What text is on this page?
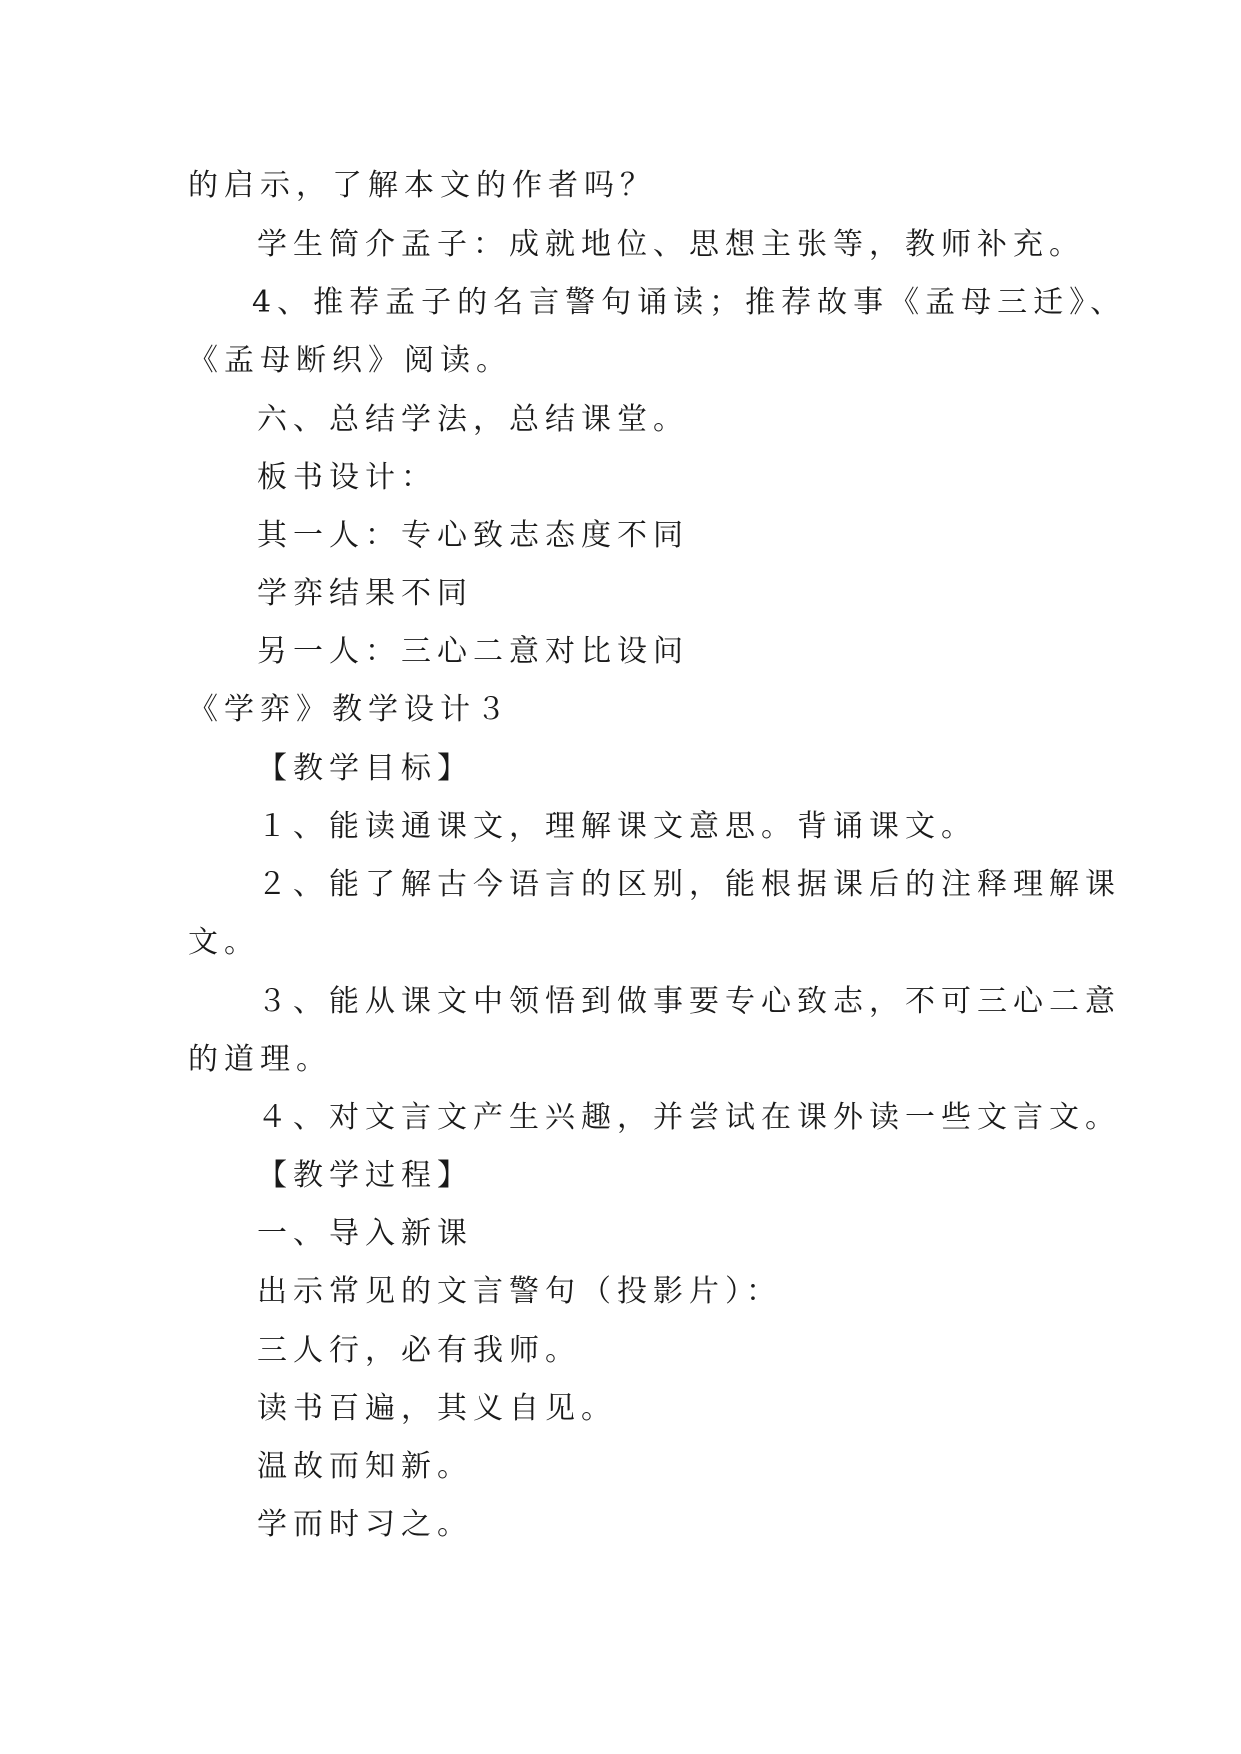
的启示，了解本文的作者吗？
学生简介孟子：成就地位、思想主张等，教师补充。
4、推荐孟子的名言警句诵读；推荐故事《孟母三迁》、
《孟母断织》阅读。
六、总结学法，总结课堂。
板书设计：
其一人：专心致志态度不同
学弈结果不同
另一人：三心二意对比设问
《学弈》教学设计３
【教学目标】
１、能读通课文，理解课文意思。背诵课文。
２、能了解古今语言的区别，能根据课后的注释理解课
文。
３、能从课文中领悟到做事要专心致志，不可三心二意
的道理。
４、对文言文产生兴趣，并尝试在课外读一些文言文。
【教学过程】
一、导入新课
出示常见的文言警句（投影片）：
三人行，必有我师。
读书百遍，其义自见。
温故而知新。
学而时习之。
